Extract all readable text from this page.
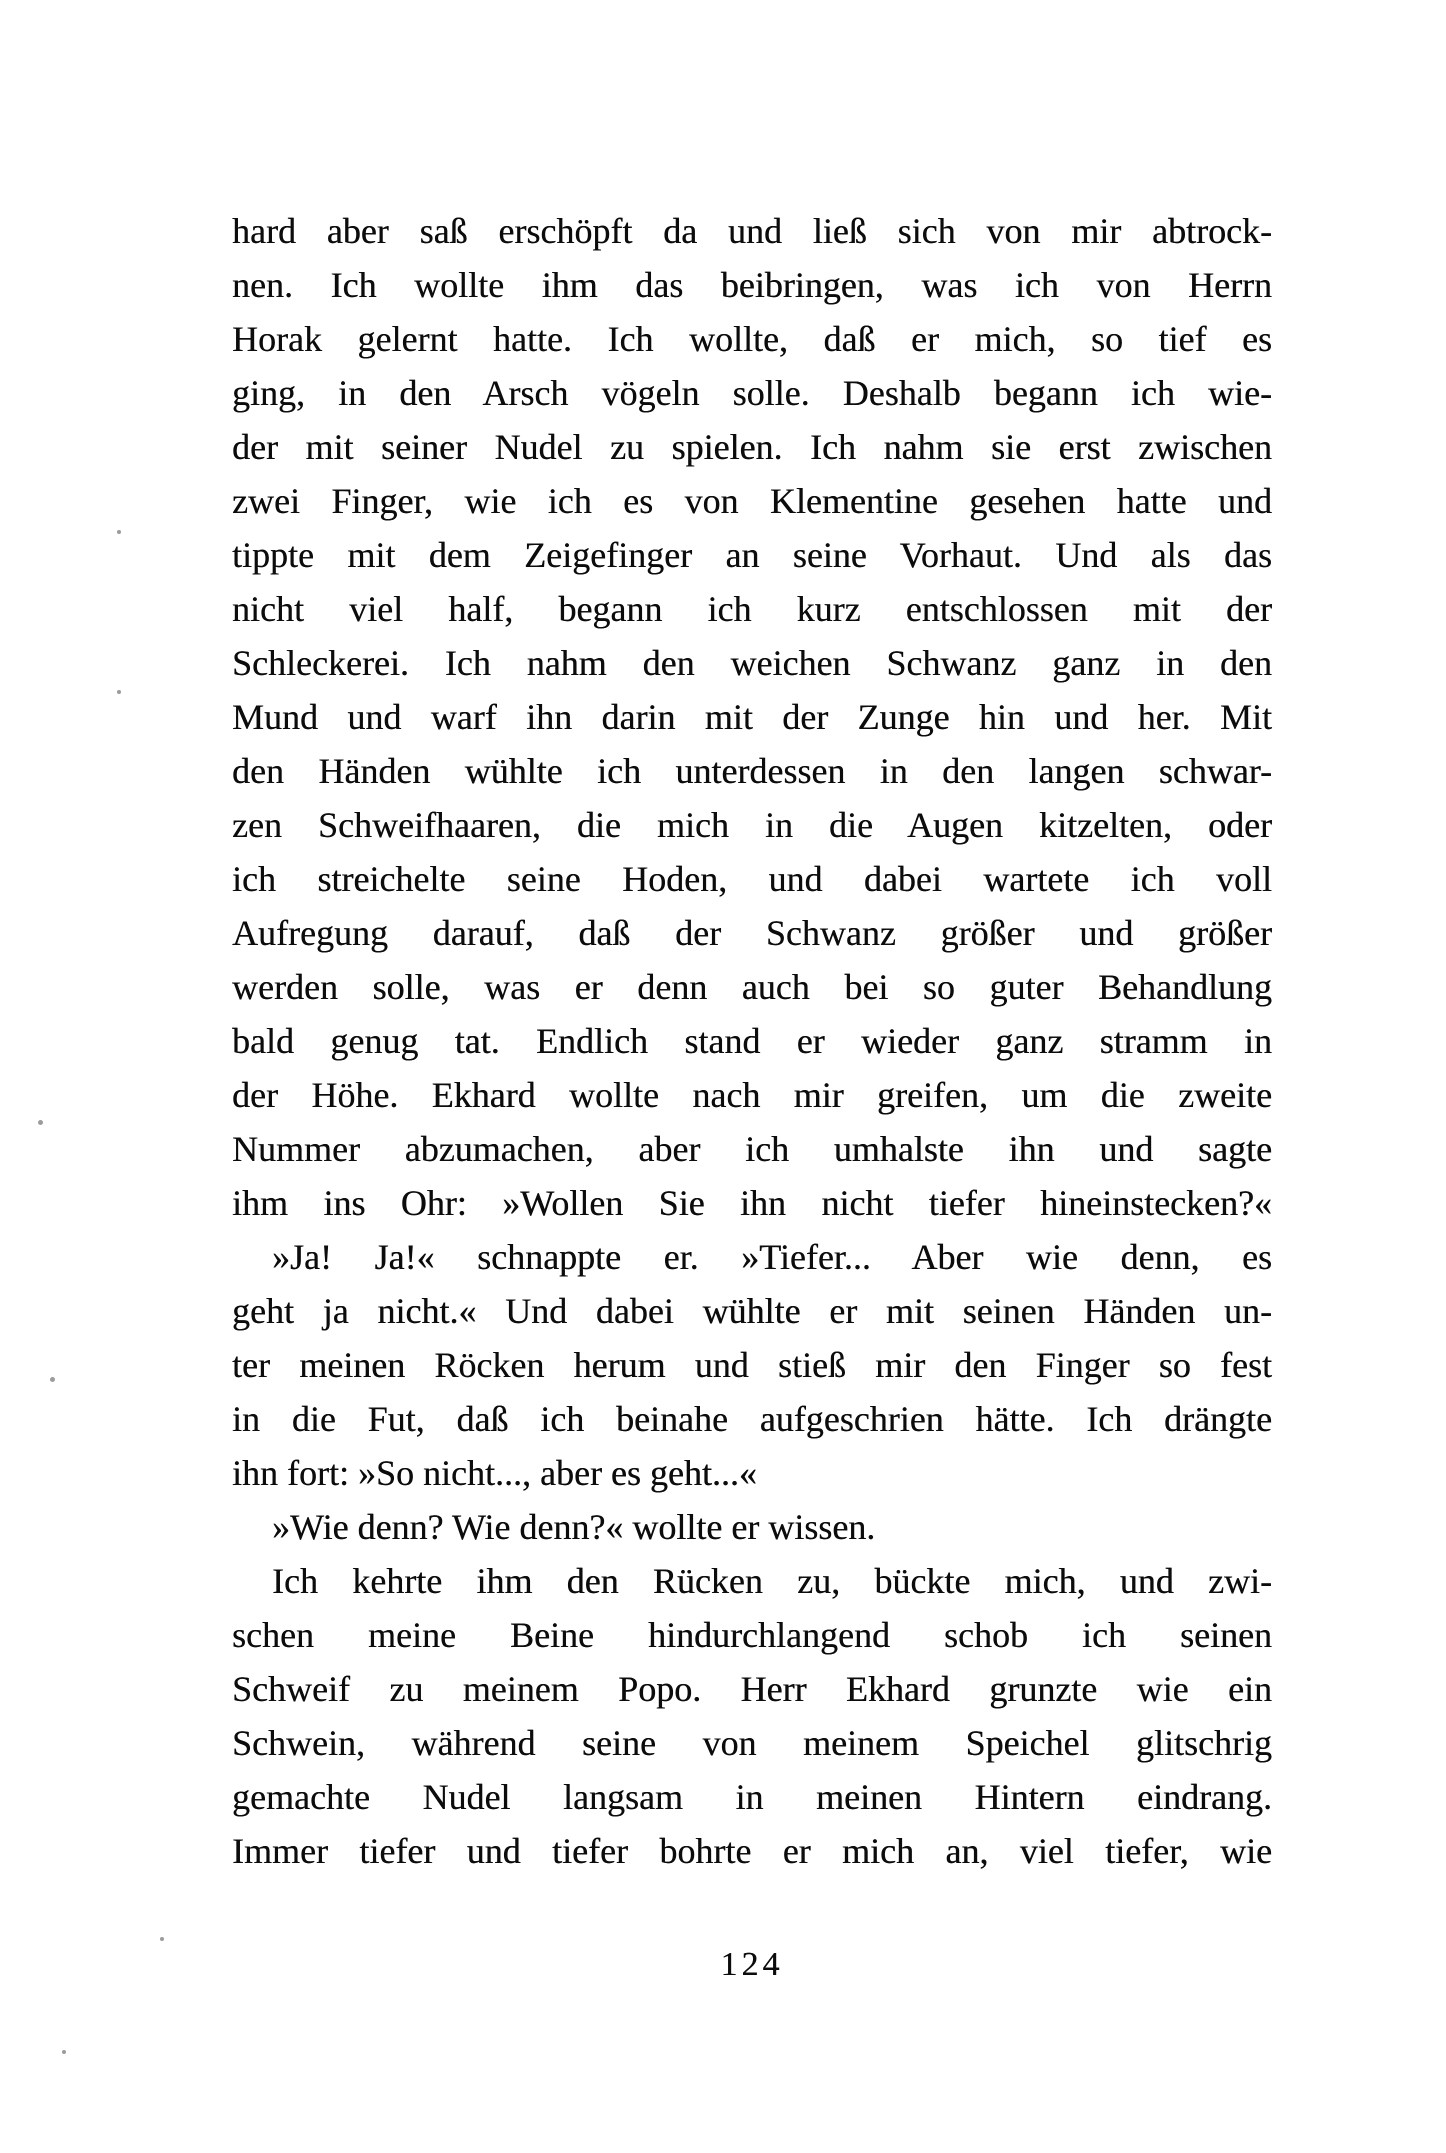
hard aber saß erschöpft da und ließ sich von mir abtrock-
nen. Ich wollte ihm das beibringen, was ich von Herrn
Horak gelernt hatte. Ich wollte, daß er mich, so tief es
ging, in den Arsch vögeln solle. Deshalb begann ich wie-
der mit seiner Nudel zu spielen. Ich nahm sie erst zwischen
zwei Finger, wie ich es von Klementine gesehen hatte und
tippte mit dem Zeigefinger an seine Vorhaut. Und als das
nicht viel half, begann ich kurz entschlossen mit der
Schleckerei. Ich nahm den weichen Schwanz ganz in den
Mund und warf ihn darin mit der Zunge hin und her. Mit
den Händen wühlte ich unterdessen in den langen schwar-
zen Schweifhaaren, die mich in die Augen kitzelten, oder
ich streichelte seine Hoden, und dabei wartete ich voll
Aufregung darauf, daß der Schwanz größer und größer
werden solle, was er denn auch bei so guter Behandlung
bald genug tat. Endlich stand er wieder ganz stramm in
der Höhe. Ekhard wollte nach mir greifen, um die zweite
Nummer abzumachen, aber ich umhalste ihn und sagte
ihm ins Ohr: »Wollen Sie ihn nicht tiefer hineinstecken?«
»Ja! Ja!« schnappte er. »Tiefer... Aber wie denn, es
geht ja nicht.« Und dabei wühlte er mit seinen Händen un-
ter meinen Röcken herum und stieß mir den Finger so fest
in die Fut, daß ich beinahe aufgeschrien hätte. Ich drängte
ihn fort: »So nicht..., aber es geht...«
»Wie denn? Wie denn?« wollte er wissen.
Ich kehrte ihm den Rücken zu, bückte mich, und zwi-
schen meine Beine hindurchlangend schob ich seinen
Schweif zu meinem Popo. Herr Ekhard grunzte wie ein
Schwein, während seine von meinem Speichel glitschrig
gemachte Nudel langsam in meinen Hintern eindrang.
Immer tiefer und tiefer bohrte er mich an, viel tiefer, wie
124
